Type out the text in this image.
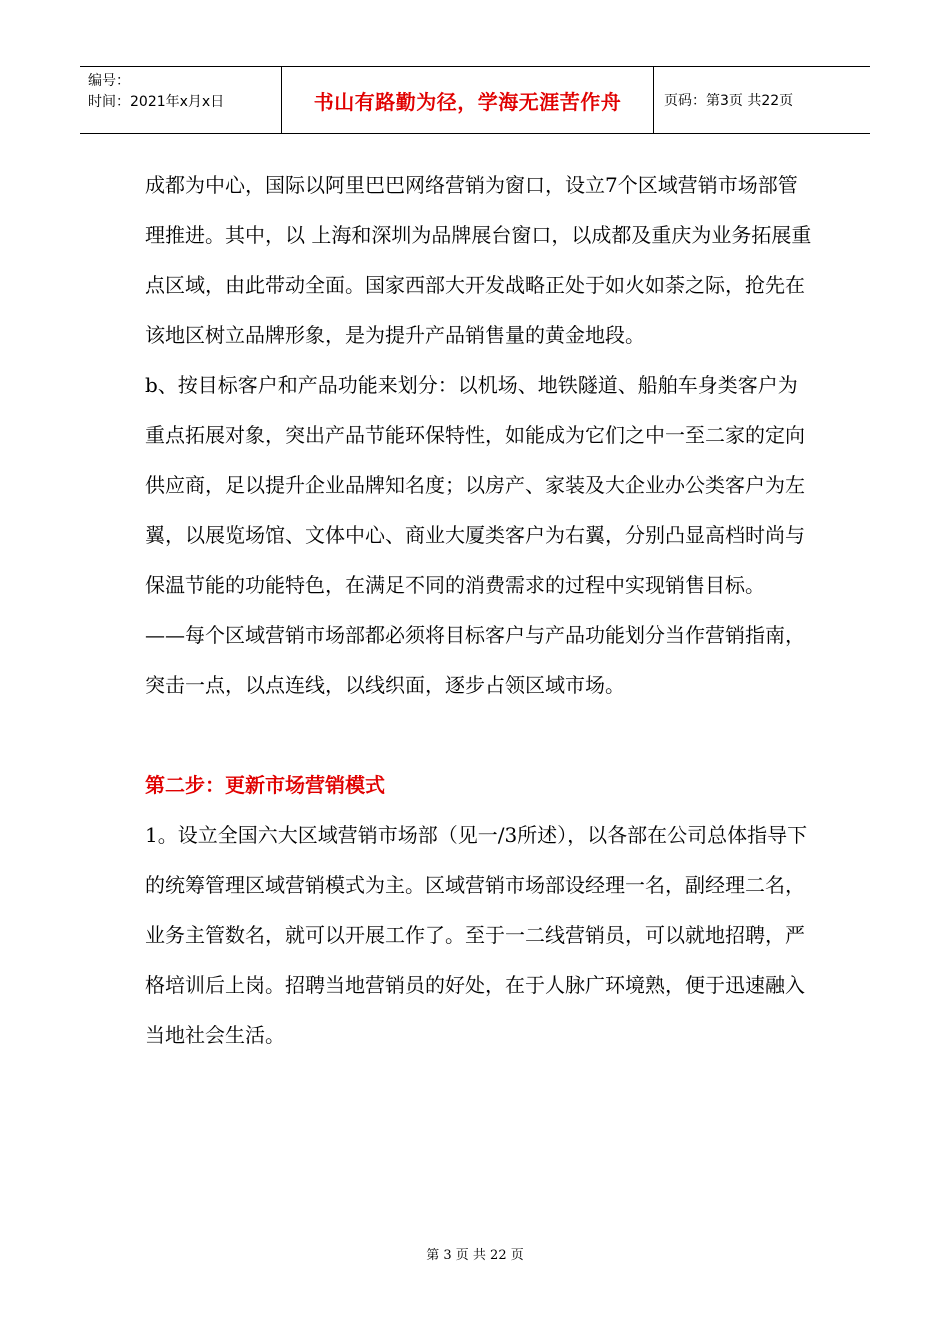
编号：
时间：2021年x月x日	书山有路勤为径，学海无涯苦作舟	页码：第3页 共22页

成都为中心，国际以阿里巴巴网络营销为窗口，设立7个区域营销市场部管理推进。其中，以 上海和深圳为品牌展台窗口，以成都及重庆为业务拓展重点区域，由此带动全面。国家西部大开发战略正处于如火如荼之际，抢先在该地区树立品牌形象，是为提升产品销售量的黄金地段。

b、按目标客户和产品功能来划分：以机场、地铁隧道、船舶车身类客户为重点拓展对象，突出产品节能环保特性，如能成为它们之中一至二家的定向供应商，足以提升企业品牌知名度；以房产、家装及大企业办公类客户为左翼，以展览场馆、文体中心、商业大厦类客户为右翼，分别凸显高档时尚与保温节能的功能特色，在满足不同的消费需求的过程中实现销售目标。

——每个区域营销市场部都必须将目标客户与产品功能划分当作营销指南，突击一点，以点连线，以线织面，逐步占领区域市场。

第二步：更新市场营销模式

1。设立全国六大区域营销市场部（见一/3所述），以各部在公司总体指导下的统筹管理区域营销模式为主。区域营销市场部设经理一名，副经理二名，业务主管数名，就可以开展工作了。至于一二线营销员，可以就地招聘，严格培训后上岗。招聘当地营销员的好处，在于人脉广环境熟，便于迅速融入当地社会生活。

第 3 页 共 22 页
